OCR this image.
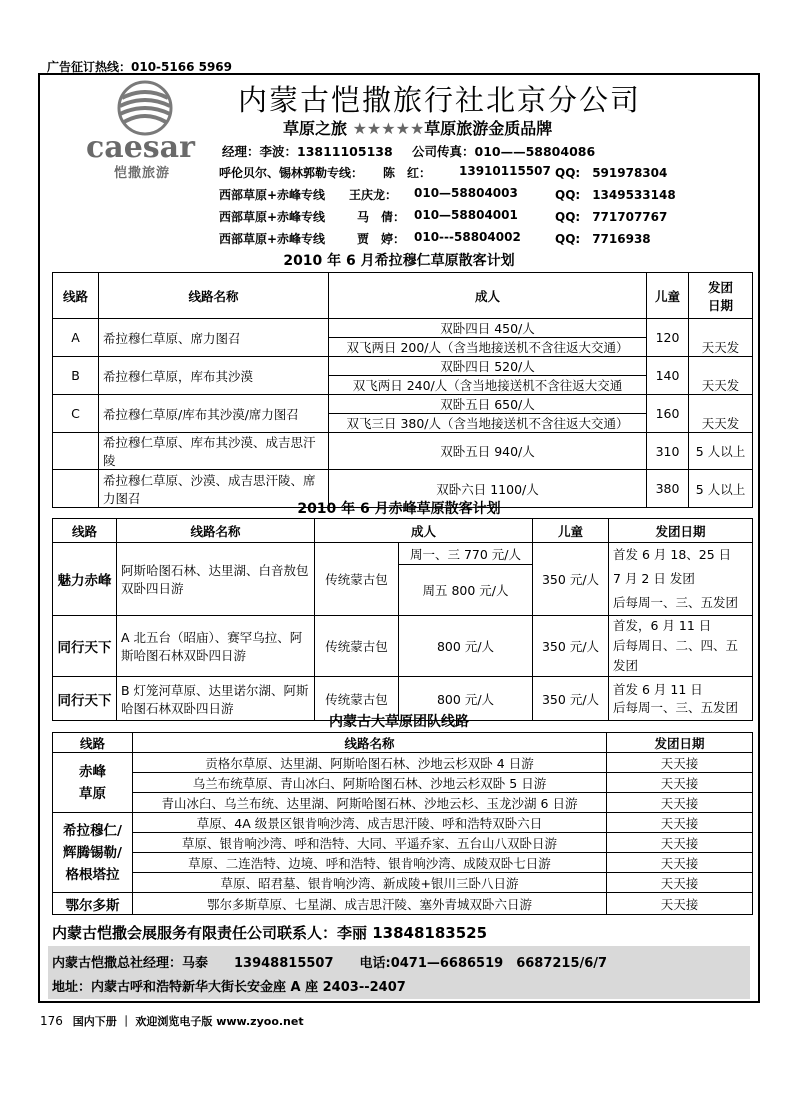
广告征订热线：010-5166 5969
caesar
恺撒旅游
内蒙古恺撒旅行社北京分公司
草原之旅 ★★★★★草原旅游金质品牌
经理：李波：13811105138 公司传真：010——58804086
呼伦贝尔、锡林郭勒专线： 陈　红： 13910115507 QQ:　591978304
西部草原+赤峰专线 王庆龙： 010—58804003	QQ:　1349533148
西部草原+赤峰专线	马　倩： 010—58804001	QQ:　771707767
西部草原+赤峰专线	贾　婷： 010---58804002	QQ:　7716938
2010 年 6 月希拉穆仁草原散客计划
线路	线路名称	成人	儿童	发团
日期

A	希拉穆仁草原、席力图召	双卧四日 450/人	120	天天发
		双飞两日 200/人（含当地接送机不含往返大交通）		
B	希拉穆仁草原，库布其沙漠	双卧四日 520/人	140	天天发
		双飞两日 240/人（含当地接送机不含往返大交通		
C	希拉穆仁草原/库布其沙漠/席力图召	双卧五日 650/人	160	天天发
		双飞三日 380/人（含当地接送机不含往返大交通）		
	希拉穆仁草原、库布其沙漠、成吉思汗陵	双卧五日 940/人	310	5 人以上
	希拉穆仁草原、沙漠、成吉思汗陵、席力图召	双卧六日 1100/人	380	5 人以上
2010 年 6 月赤峰草原散客计划
线路	线路名称	成人		儿童	发团日期
魅力赤峰	阿斯哈图石林、达里湖、白音敖包双卧四日游	传统蒙古包	周一、三 770 元/人	350 元/人	首发 6 月 18、25 日
7 月 2 日 发团
后每周一、三、五发团

			周五 800 元/人		
同行天下	A 北五台（昭庙）、赛罕乌拉、阿斯哈图石林双卧四日游	传统蒙古包	800 元/人	350 元/人	首发，6 月 11 日
后每周日、二、四、五发团

同行天下	B 灯笼河草原、达里诺尔湖、阿斯哈图石林双卧四日游	传统蒙古包	800 元/人	350 元/人	首发 6 月 11 日
后每周一、三、五发团
内蒙古大草原团队线路
线路	线路名称	发团日期
赤峰
草原	贡格尔草原、达里湖、阿斯哈图石林、沙地云杉双卧 4 日游	天天接
	乌兰布统草原、青山冰臼、阿斯哈图石林、沙地云杉双卧 5 日游	天天接
	青山冰臼、乌兰布统、达里湖、阿斯哈图石林、沙地云杉、玉龙沙湖 6 日游	天天接
希拉穆仁/
辉腾锡勒/
格根塔拉	草原、4A 级景区银肯响沙湾、成吉思汗陵、呼和浩特双卧六日	天天接
	草原、银肯响沙湾、呼和浩特、大同、平遥乔家、五台山八双卧日游	天天接
	草原、二连浩特、边境、呼和浩特、银肯响沙湾、成陵双卧七日游	天天接
	草原、昭君墓、银肯响沙湾、新成陵+银川三卧八日游	天天接
鄂尔多斯	鄂尔多斯草原、七星湖、成吉思汗陵、塞外青城双卧六日游	天天接
内蒙古恺撒会展服务有限责任公司联系人：李丽 13848183525
内蒙古恺撒总社经理：马泰　　13948815507　　电话:0471—6686519　6687215/6/7
地址：内蒙古呼和浩特新华大街长安金座 A 座 2403--2407
176 国内下册 ｜ 欢迎浏览电子版 www.zyoo.net
